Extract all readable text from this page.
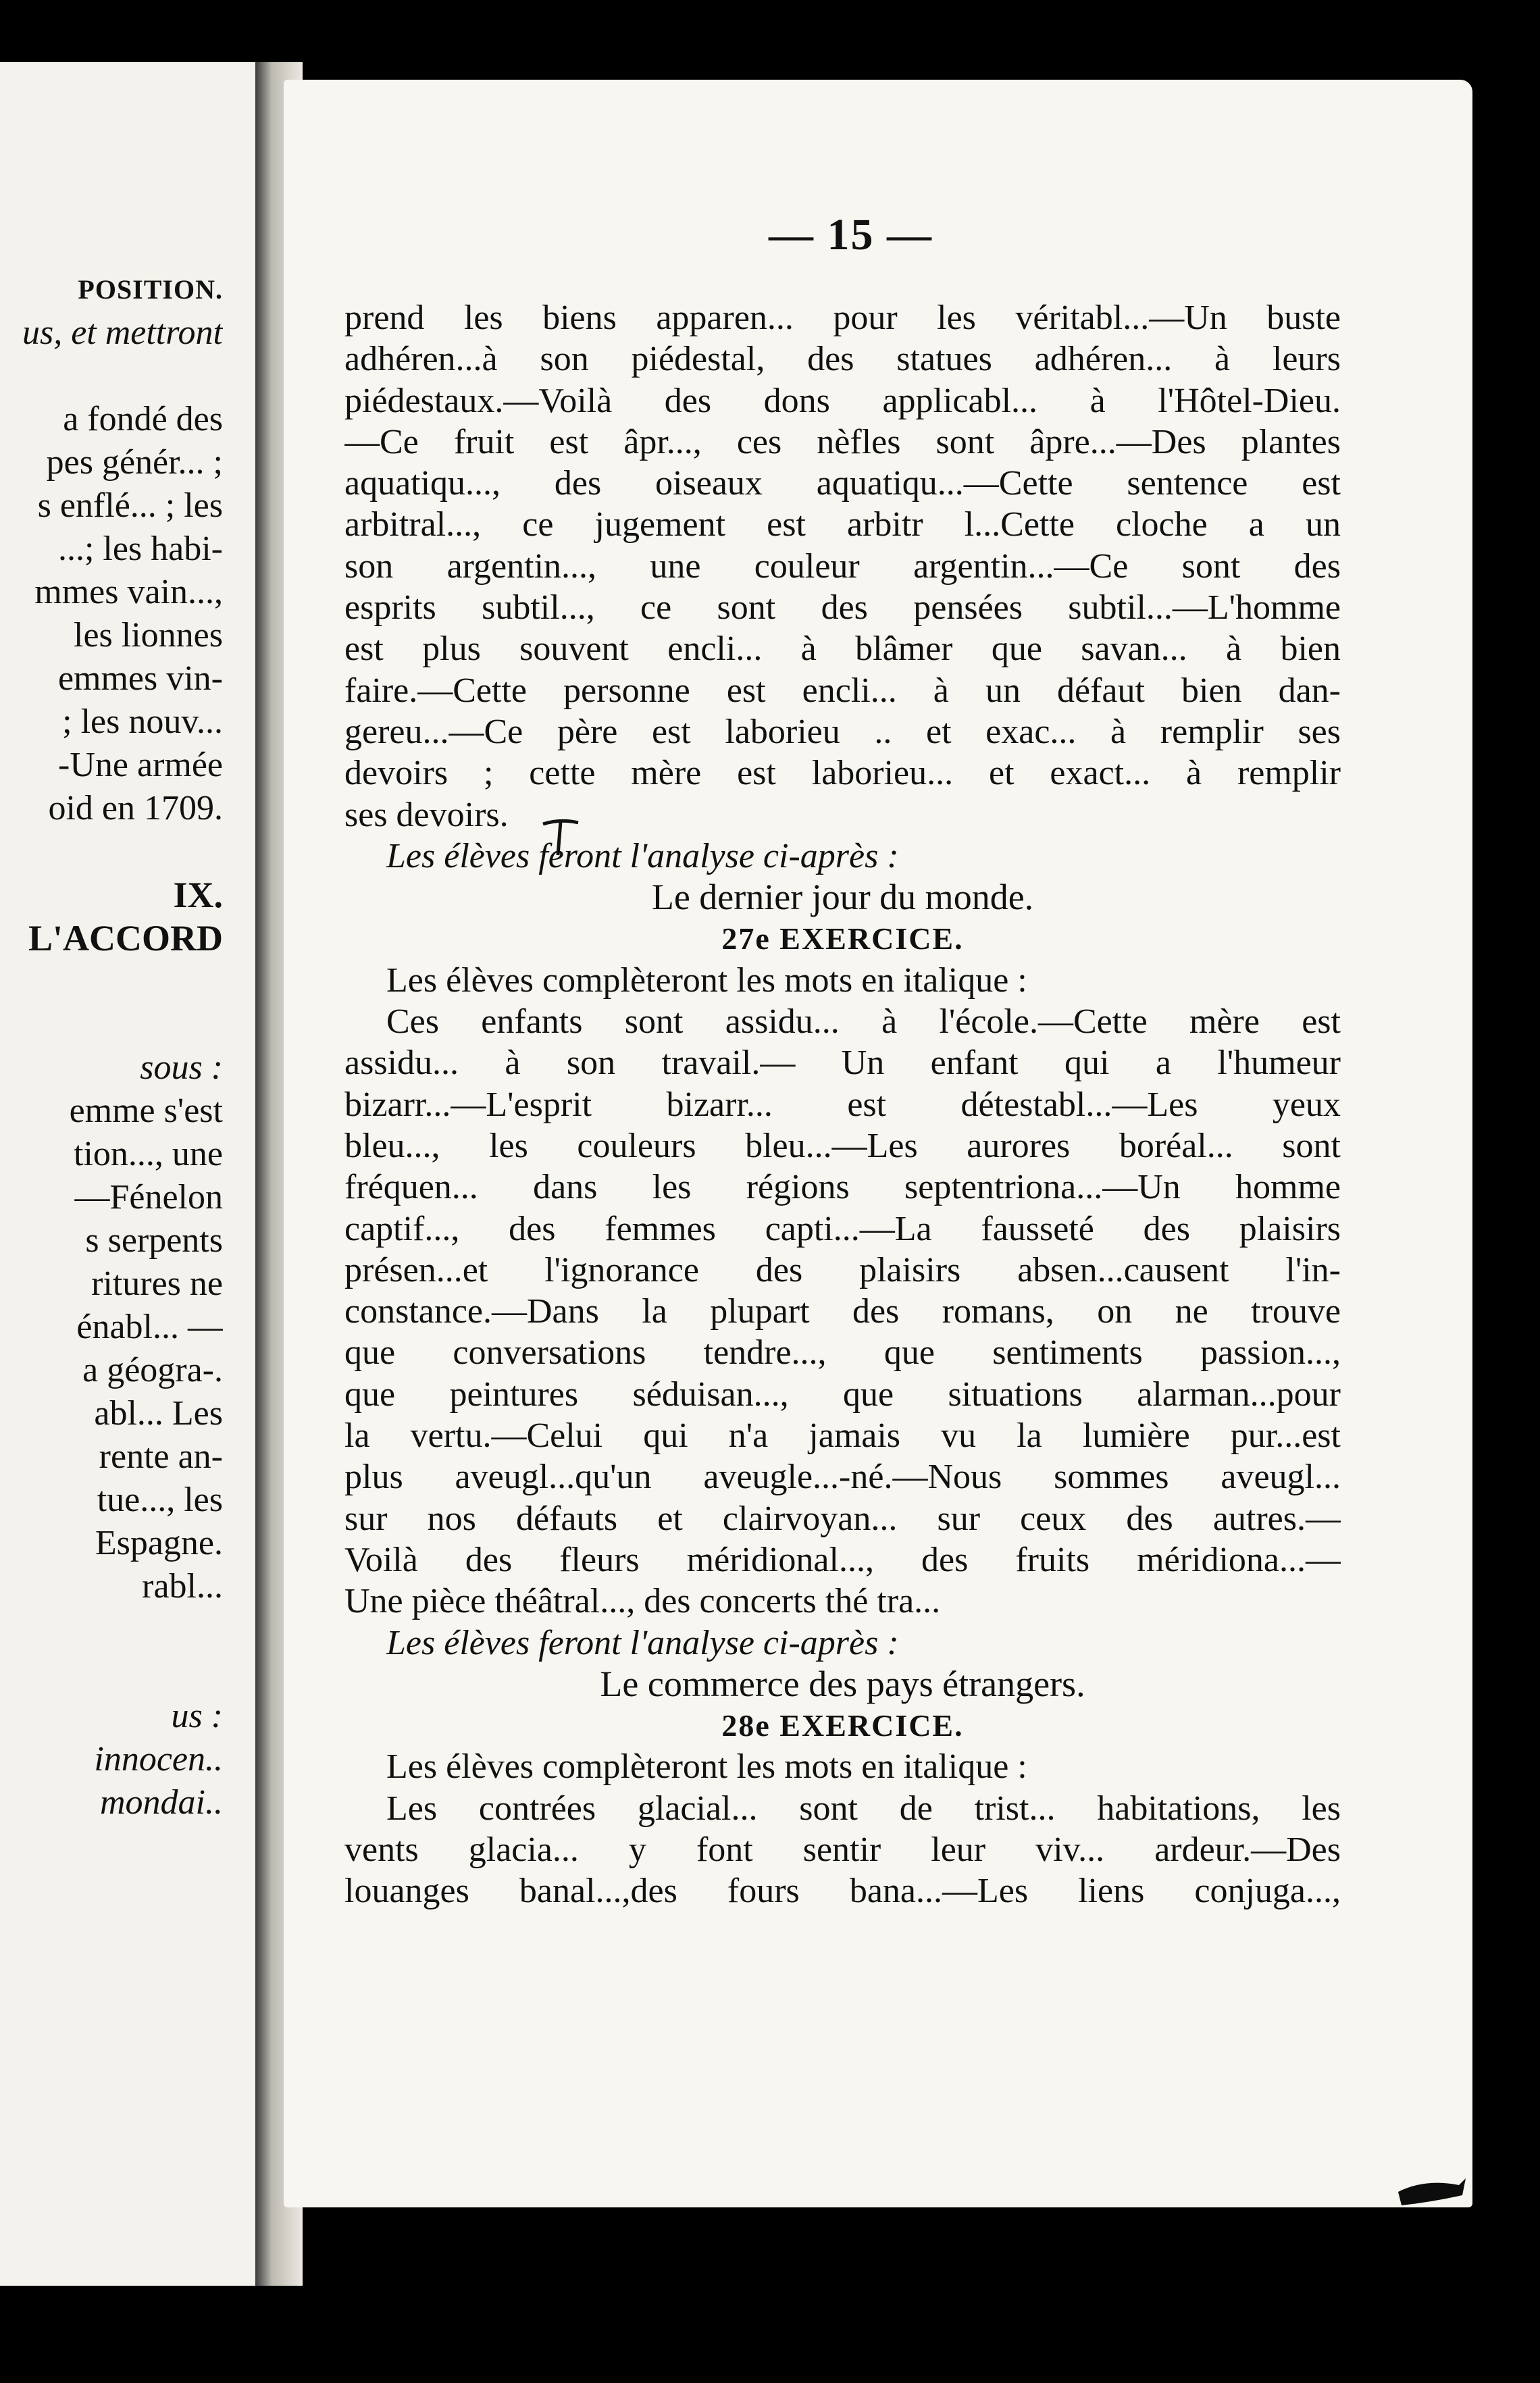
POSITION.
us, et mettront
a fondé des
pes génér... ;
s enflé... ; les
...; les habi-
mmes vain...,
les lionnes
emmes vin-
; les nouv...
-Une armée
oid en 1709.
IX.
L'ACCORD
sous :
emme s'est
tion..., une
—Fénelon
s serpents
ritures ne
énabl... —
a géogra-.
abl... Les
rente an-
tue..., les
Espagne.
rabl...
us :
innocen..
mondai..
— 15 —
prend les biens apparen... pour les véritabl...—Un buste
adhéren...à son piédestal, des statues adhéren... à leurs
piédestaux.—Voilà des dons applicabl... à l'Hôtel-Dieu.
—Ce fruit est âpr..., ces nèfles sont âpre...—Des plantes
aquatiqu..., des oiseaux aquatiqu...—Cette sentence est
arbitral..., ce jugement est arbitr l...Cette cloche a un
son argentin..., une couleur argentin...—Ce sont des
esprits subtil..., ce sont des pensées subtil...—L'homme
est plus souvent encli... à blâmer que savan... à bien
faire.—Cette personne est encli... à un défaut bien dan-
gereu...—Ce père est laborieu .. et exac... à remplir ses
devoirs ; cette mère est laborieu... et exact... à remplir
ses devoirs.
Les élèves feront l'analyse ci-après :
Le dernier jour du monde.
27e EXERCICE.
Les élèves complèteront les mots en italique :
Ces enfants sont assidu... à l'école.—Cette mère est
assidu... à son travail.— Un enfant qui a l'humeur
bizarr...—L'esprit bizarr... est détestabl...—Les yeux
bleu..., les couleurs bleu...—Les aurores boréal... sont
fréquen... dans les régions septentriona...—Un homme
captif..., des femmes capti...—La fausseté des plaisirs
présen...et l'ignorance des plaisirs absen...causent l'in-
constance.—Dans la plupart des romans, on ne trouve
que conversations tendre..., que sentiments passion...,
que peintures séduisan..., que situations alarman...pour
la vertu.—Celui qui n'a jamais vu la lumière pur...est
plus aveugl...qu'un aveugle...-né.—Nous sommes aveugl...
sur nos défauts et clairvoyan... sur ceux des autres.—
Voilà des fleurs méridional..., des fruits méridiona...—
Une pièce théâtral..., des concerts thé tra...
Les élèves feront l'analyse ci-après :
Le commerce des pays étrangers.
28e EXERCICE.
Les élèves complèteront les mots en italique :
Les contrées glacial... sont de trist... habitations, les
vents glacia... y font sentir leur viv... ardeur.—Des
louanges banal...,des fours bana...—Les liens conjuga...,
